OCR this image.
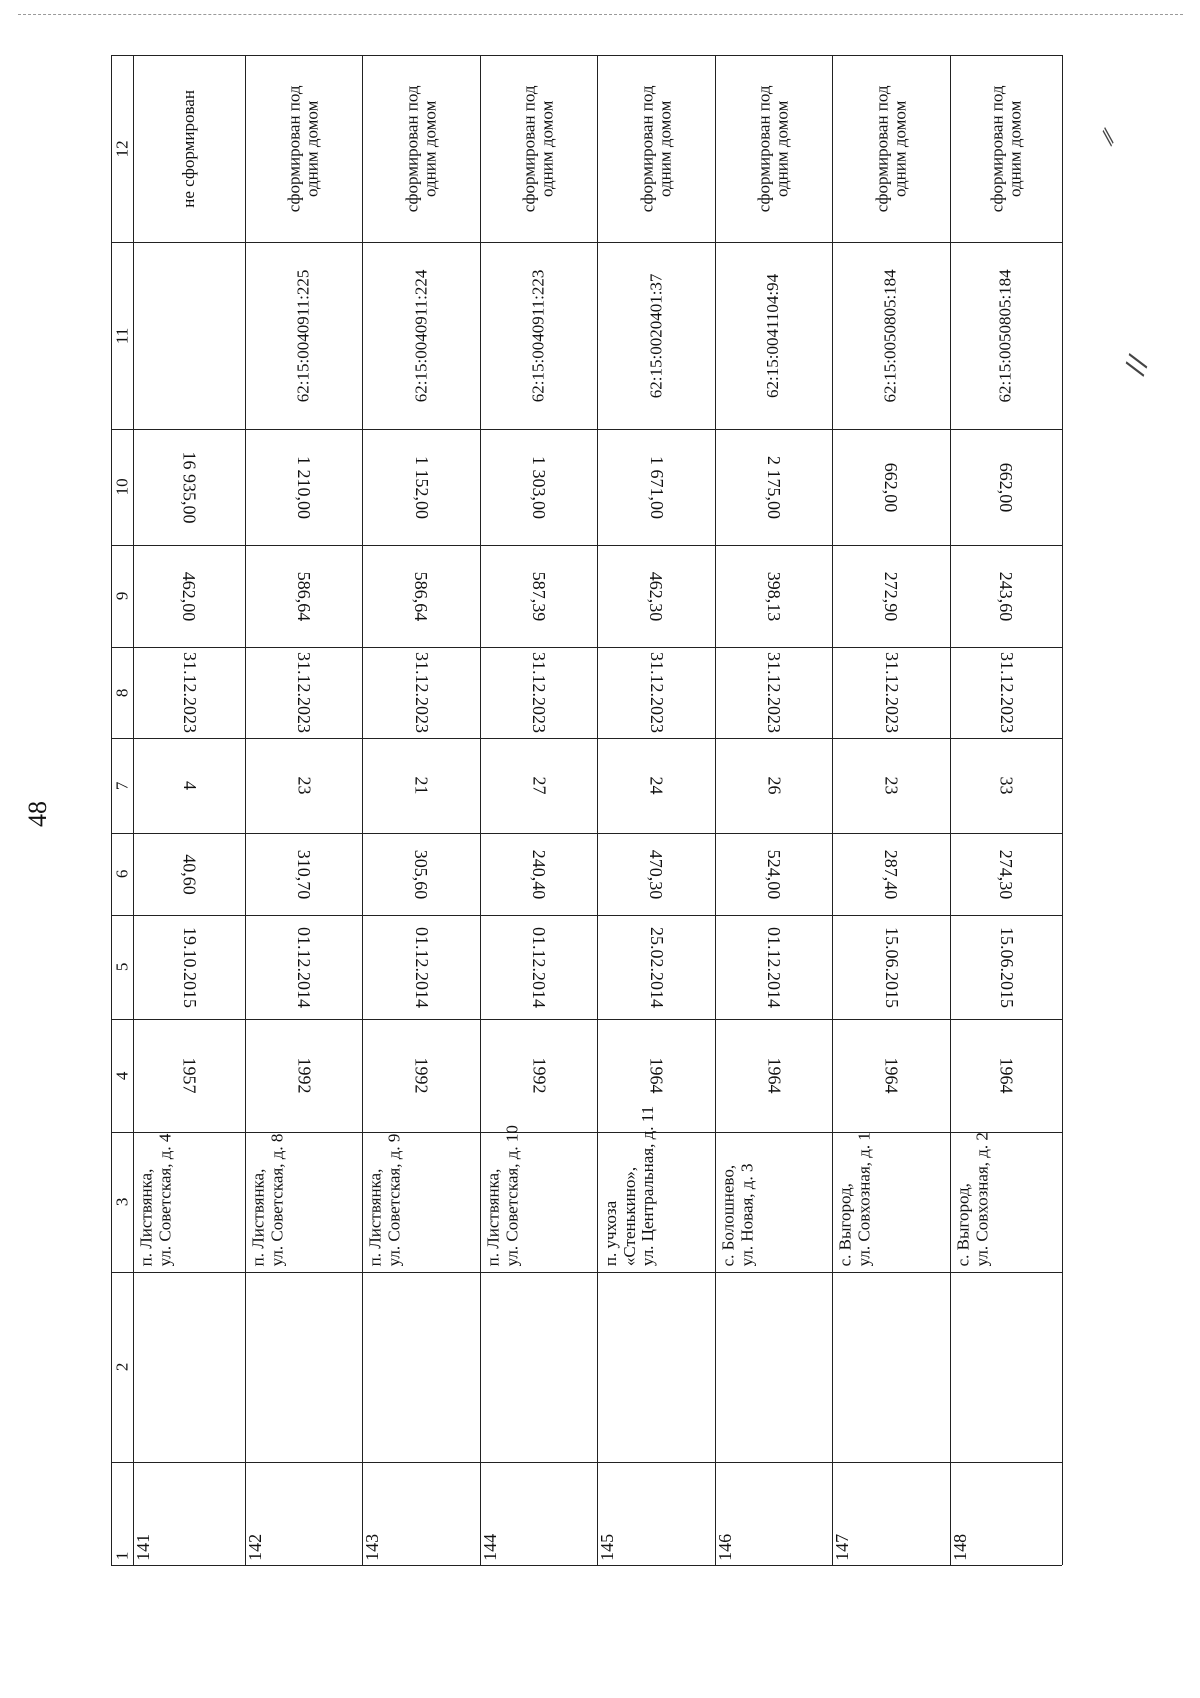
48
12
11
10
9
8
7
6
5
4
3
2
1
не сформирован
16 935,00
462,00
31.12.2023
4
40,60
19.10.2015
1957
п. Листвянка, ул. Советская, д. 4
141
сформирован под
одним домом
62:15:0040911:225
1 210,00
586,64
31.12.2023
23
310,70
01.12.2014
1992
п. Листвянка, ул. Советская, д. 8
142
сформирован под
одним домом
62:15:0040911:224
1 152,00
586,64
31.12.2023
21
305,60
01.12.2014
1992
п. Листвянка, ул. Советская, д. 9
143
сформирован под
одним домом
62:15:0040911:223
1 303,00
587,39
31.12.2023
27
240,40
01.12.2014
1992
п. Листвянка, ул. Советская, д. 10
144
сформирован под
одним домом
62:15:0020401:37
1 671,00
462,30
31.12.2023
24
470,30
25.02.2014
1964
п. учхоза «Стенькино», ул. Центральная, д. 11
145
сформирован под
одним домом
62:15:0041104:94
2 175,00
398,13
31.12.2023
26
524,00
01.12.2014
1964
с. Болошнево, ул. Новая, д. 3
146
сформирован под
одним домом
62:15:0050805:184
662,00
272,90
31.12.2023
23
287,40
15.06.2015
1964
с. Выгород, ул. Совхозная, д. 1
147
сформирован под
одним домом
62:15:0050805:184
662,00
243,60
31.12.2023
33
274,30
15.06.2015
1964
с. Выгород, ул. Совхозная, д. 2
148
⁄⁄
//
